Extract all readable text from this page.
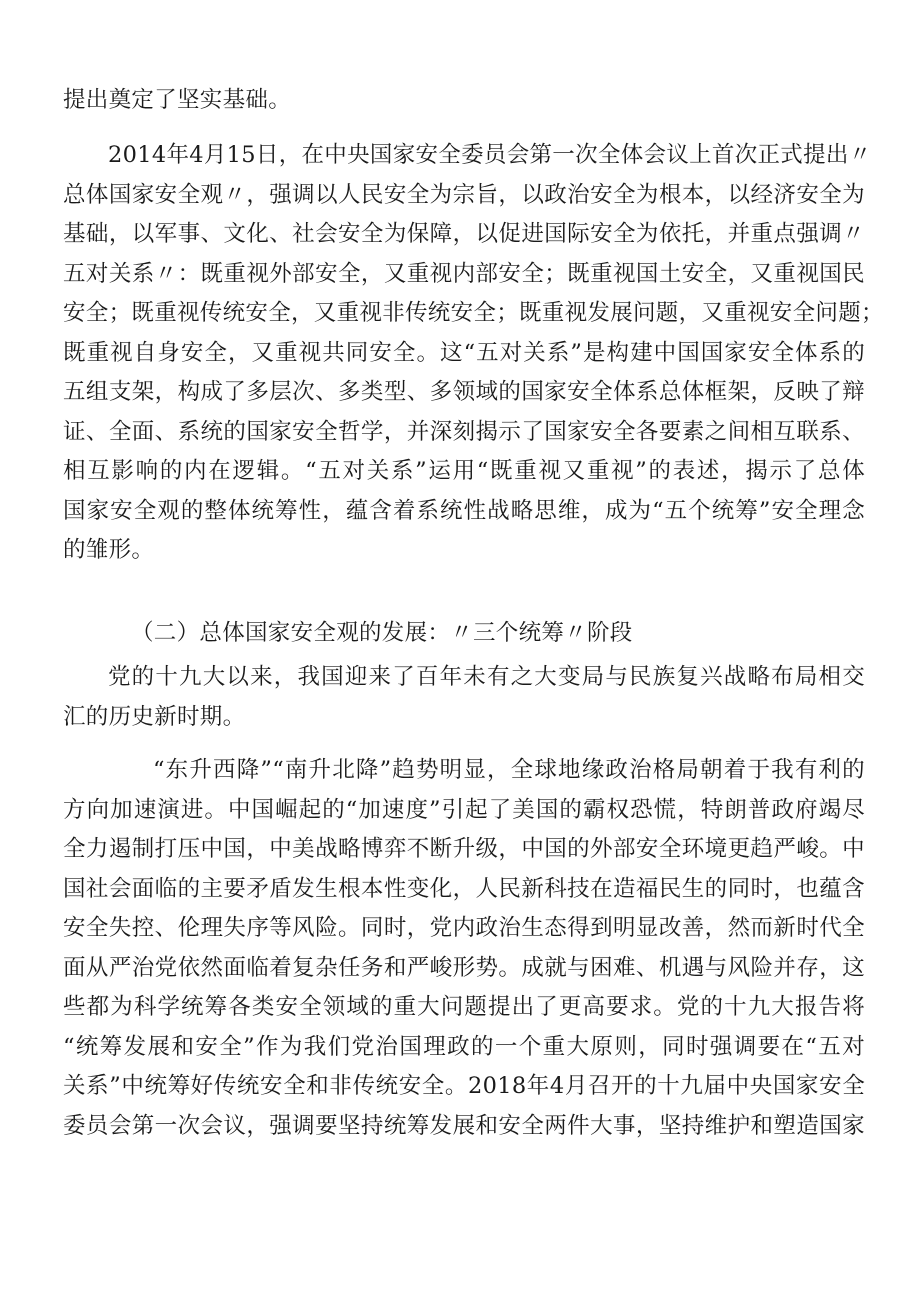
提出奠定了坚实基础。
2014年4月15日，在中央国家安全委员会第一次全体会议上首次正式提出〃
总体国家安全观〃，强调以人民安全为宗旨，以政治安全为根本，以经济安全为
基础，以军事、文化、社会安全为保障，以促进国际安全为依托，并重点强调〃
五对关系〃：既重视外部安全，又重视内部安全；既重视国土安全，又重视国民
安全；既重视传统安全，又重视非传统安全；既重视发展问题，又重视安全问题；
既重视自身安全，又重视共同安全。这“五对关系”是构建中国国家安全体系的
五组支架，构成了多层次、多类型、多领域的国家安全体系总体框架，反映了辩
证、全面、系统的国家安全哲学，并深刻揭示了国家安全各要素之间相互联系、
相互影响的内在逻辑。“五对关系”运用“既重视又重视”的表述，揭示了总体
国家安全观的整体统筹性，蕴含着系统性战略思维，成为“五个统筹”安全理念
的雏形。
（二）总体国家安全观的发展：〃三个统筹〃阶段
党的十九大以来，我国迎来了百年未有之大变局与民族复兴战略布局相交
汇的历史新时期。
“东升西降”“南升北降”趋势明显，全球地缘政治格局朝着于我有利的
方向加速演进。中国崛起的“加速度”引起了美国的霸权恐慌，特朗普政府竭尽
全力遏制打压中国，中美战略博弈不断升级，中国的外部安全环境更趋严峻。中
国社会面临的主要矛盾发生根本性变化，人民新科技在造福民生的同时，也蕴含
安全失控、伦理失序等风险。同时，党内政治生态得到明显改善，然而新时代全
面从严治党依然面临着复杂任务和严峻形势。成就与困难、机遇与风险并存，这
些都为科学统筹各类安全领域的重大问题提出了更高要求。党的十九大报告将
“统筹发展和安全”作为我们党治国理政的一个重大原则，同时强调要在“五对
关系”中统筹好传统安全和非传统安全。2018年4月召开的十九届中央国家安全
委员会第一次会议，强调要坚持统筹发展和安全两件大事，坚持维护和塑造国家
